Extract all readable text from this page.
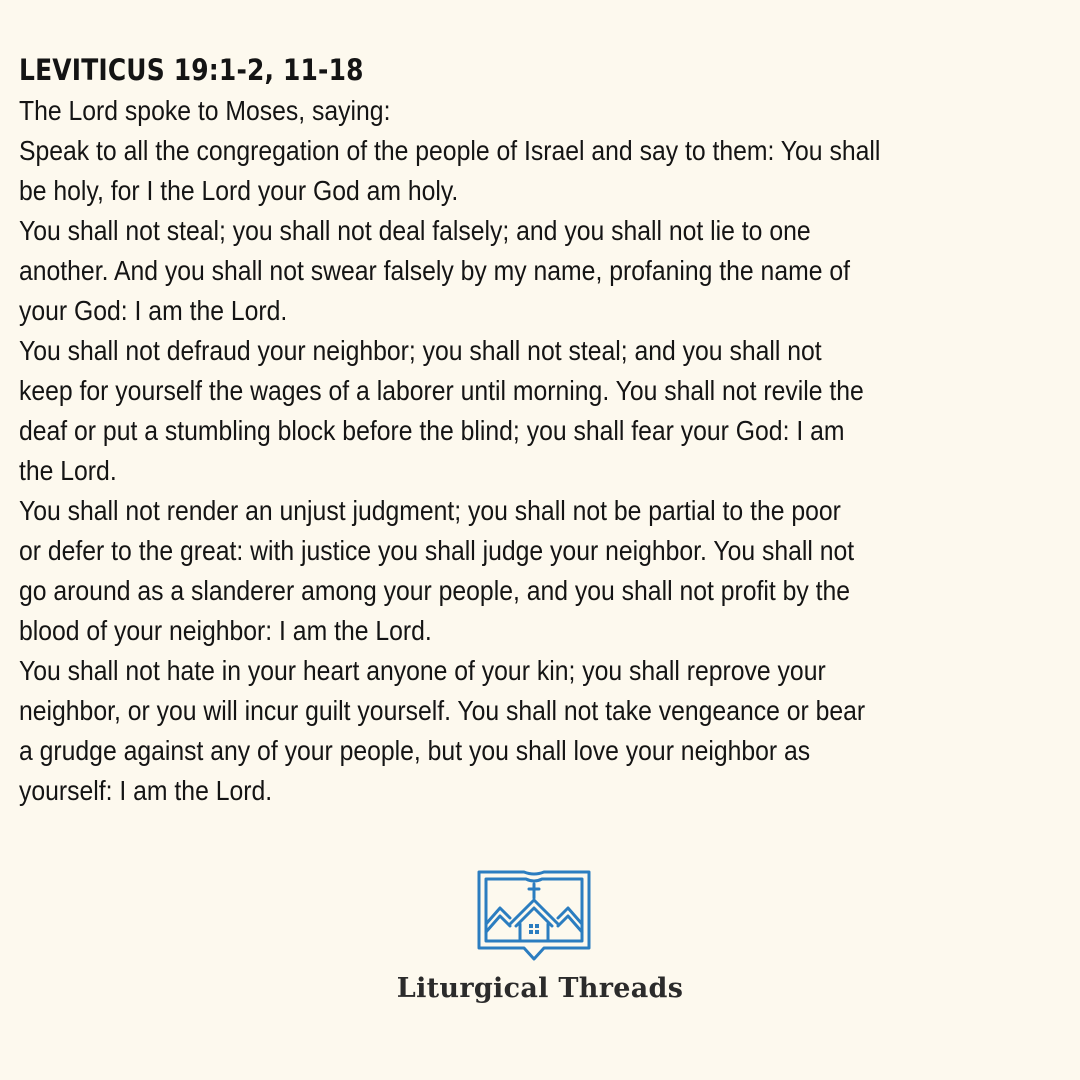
LEVITICUS 19:1-2, 11-18

The Lord spoke to Moses, saying:

Speak to all the congregation of the people of Israel and say to them: You shall
be holy, for I the Lord your God am holy.

You shall not steal; you shall not deal falsely; and you shall not lie to one
another. And you shall not swear falsely by my name, profaning the name of
your God: I am the Lord.

You shall not defraud your neighbor; you shall not steal; and you shall not
keep for yourself the wages of a laborer until morning. You shall not revile the
deaf or put a stumbling block before the blind; you shall fear your God: I am
the Lord.

You shall not render an unjust judgment; you shall not be partial to the poor
or defer to the great: with justice you shall judge your neighbor. You shall not
go around as a slanderer among your people, and you shall not profit by the
blood of your neighbor: I am the Lord.

You shall not hate in your heart anyone of your kin; you shall reprove your
neighbor, or you will incur guilt yourself. You shall not take vengeance or bear
a grudge against any of your people, but you shall love your neighbor as
yourself: I am the Lord.

Liturgical Threads
